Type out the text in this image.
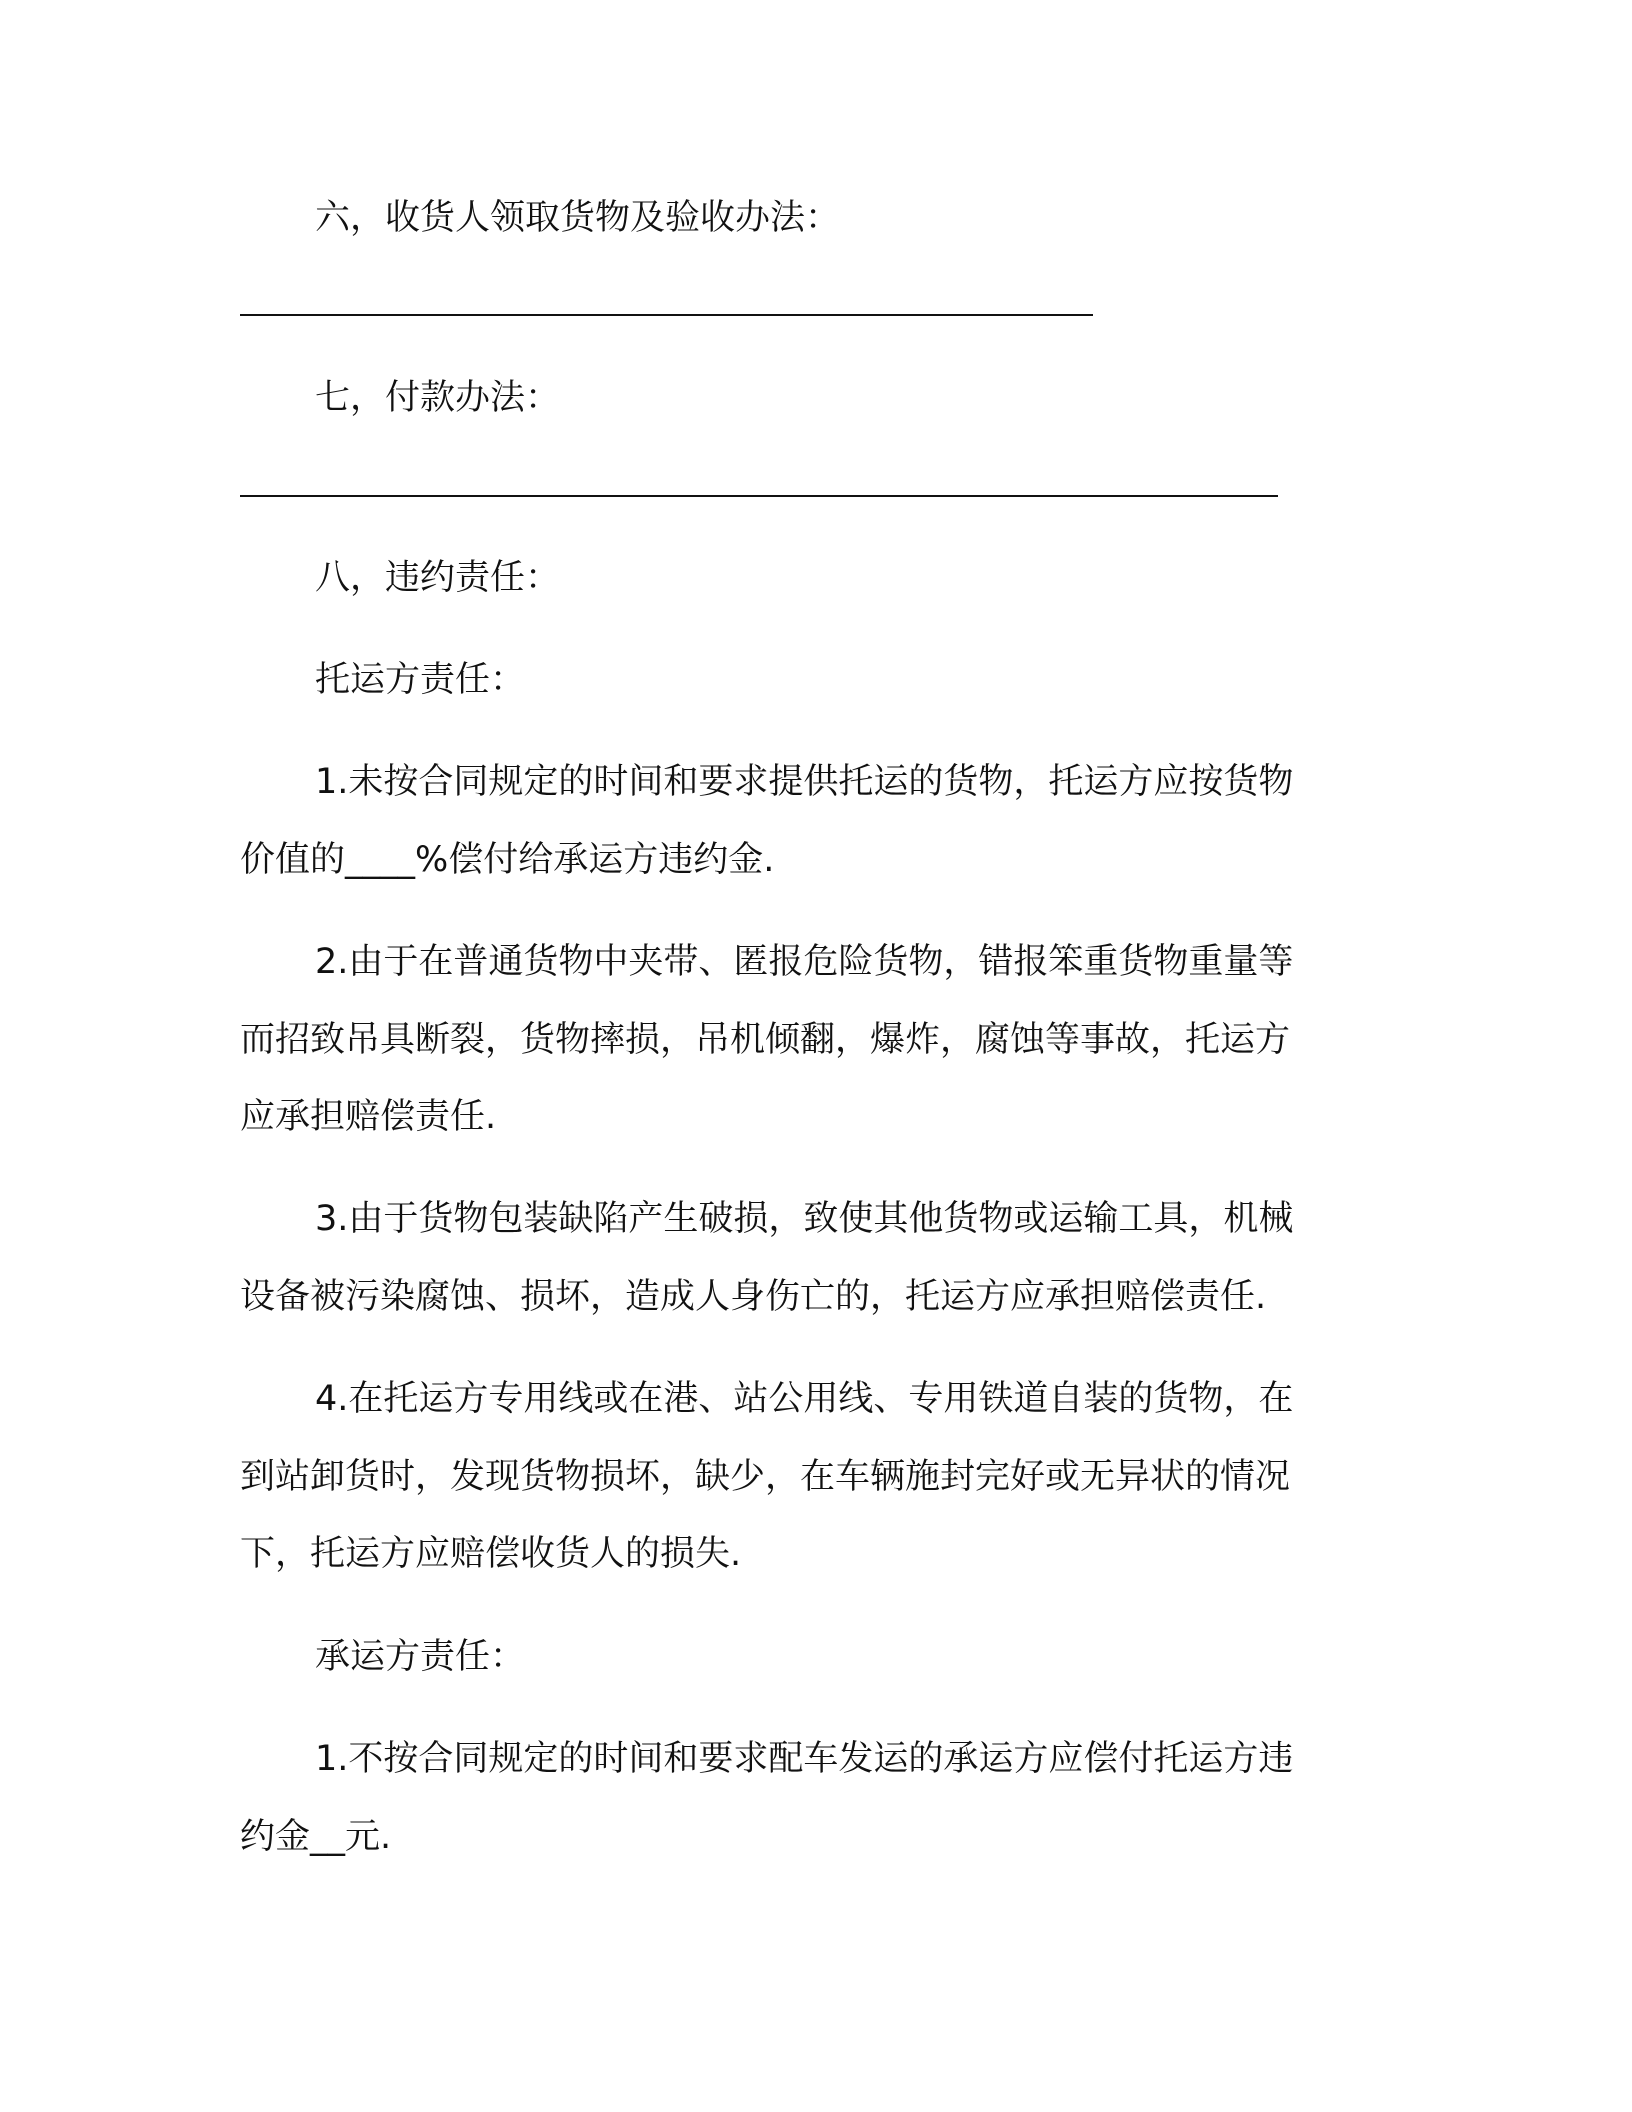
六，收货人领取货物及验收办法：

七，付款办法：

八，违约责任：

托运方责任：

1.未按合同规定的时间和要求提供托运的货物，托运方应按货物

价值的____%偿付给承运方违约金.

2.由于在普通货物中夹带、匿报危险货物，错报笨重货物重量等

而招致吊具断裂，货物摔损，吊机倾翻，爆炸，腐蚀等事故，托运方

应承担赔偿责任.

3.由于货物包装缺陷产生破损，致使其他货物或运输工具，机械

设备被污染腐蚀、损坏，造成人身伤亡的，托运方应承担赔偿责任.

4.在托运方专用线或在港、站公用线、专用铁道自装的货物，在

到站卸货时，发现货物损坏，缺少，在车辆施封完好或无异状的情况

下，托运方应赔偿收货人的损失.

承运方责任：

1.不按合同规定的时间和要求配车发运的承运方应偿付托运方违

约金__元.
